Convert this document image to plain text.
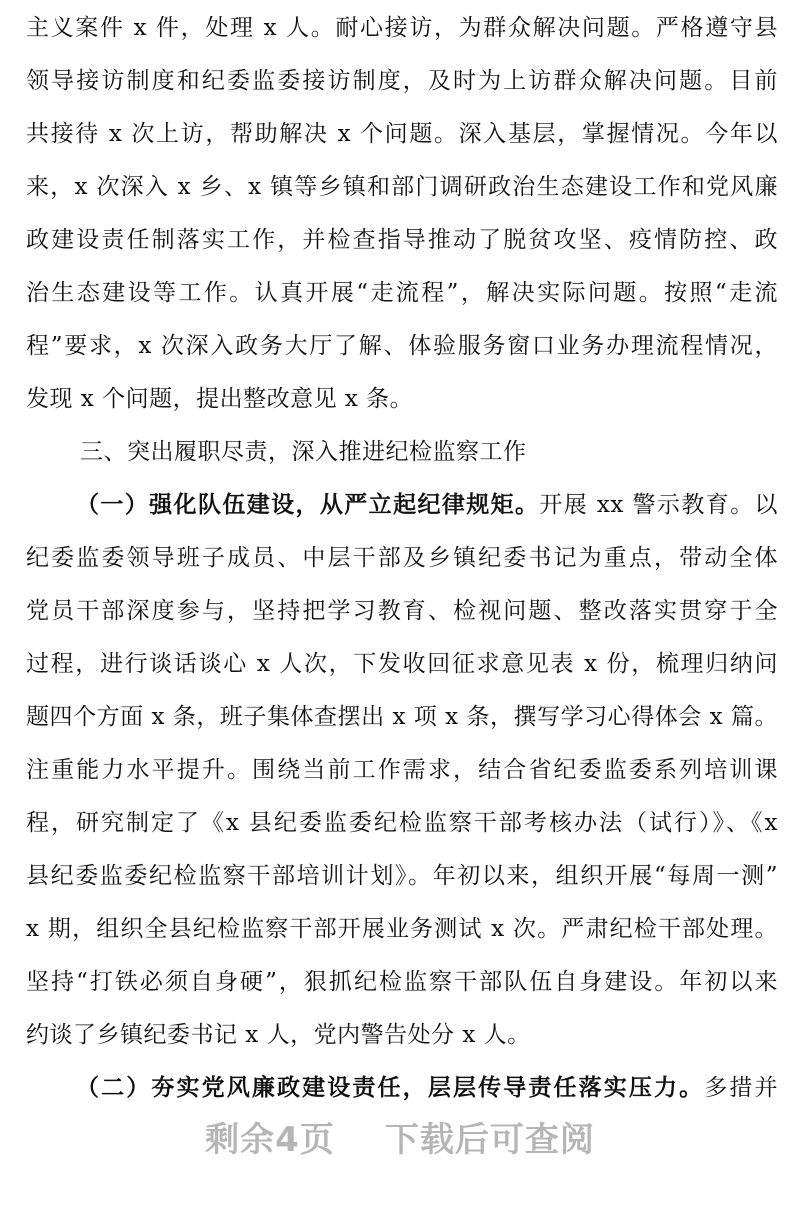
主义案件 x 件，处理 x 人。耐心接访，为群众解决问题。严格遵守县
领导接访制度和纪委监委接访制度，及时为上访群众解决问题。目前
共接待 x 次上访，帮助解决 x 个问题。深入基层，掌握情况。今年以
来，x 次深入 x 乡、x 镇等乡镇和部门调研政治生态建设工作和党风廉
政建设责任制落实工作，并检查指导推动了脱贫攻坚、疫情防控、政
治生态建设等工作。认真开展“走流程”，解决实际问题。按照“走流
程”要求，x 次深入政务大厅了解、体验服务窗口业务办理流程情况，
发现 x 个问题，提出整改意见 x 条。
三、突出履职尽责，深入推进纪检监察工作
（一）强化队伍建设，从严立起纪律规矩。开展 xx 警示教育。以
纪委监委领导班子成员、中层干部及乡镇纪委书记为重点，带动全体
党员干部深度参与，坚持把学习教育、检视问题、整改落实贯穿于全
过程，进行谈话谈心 x 人次，下发收回征求意见表 x 份，梳理归纳问
题四个方面 x 条，班子集体查摆出 x 项 x 条，撰写学习心得体会 x 篇。
注重能力水平提升。围绕当前工作需求，结合省纪委监委系列培训课
程，研究制定了《x 县纪委监委纪检监察干部考核办法（试行）》、《x
县纪委监委纪检监察干部培训计划》。年初以来，组织开展“每周一测”
x 期，组织全县纪检监察干部开展业务测试 x 次。严肃纪检干部处理。
坚持“打铁必须自身硬”，狠抓纪检监察干部队伍自身建设。年初以来
约谈了乡镇纪委书记 x 人，党内警告处分 x 人。
（二）夯实党风廉政建设责任，层层传导责任落实压力。多措并
剩余4页 下载后可查阅
